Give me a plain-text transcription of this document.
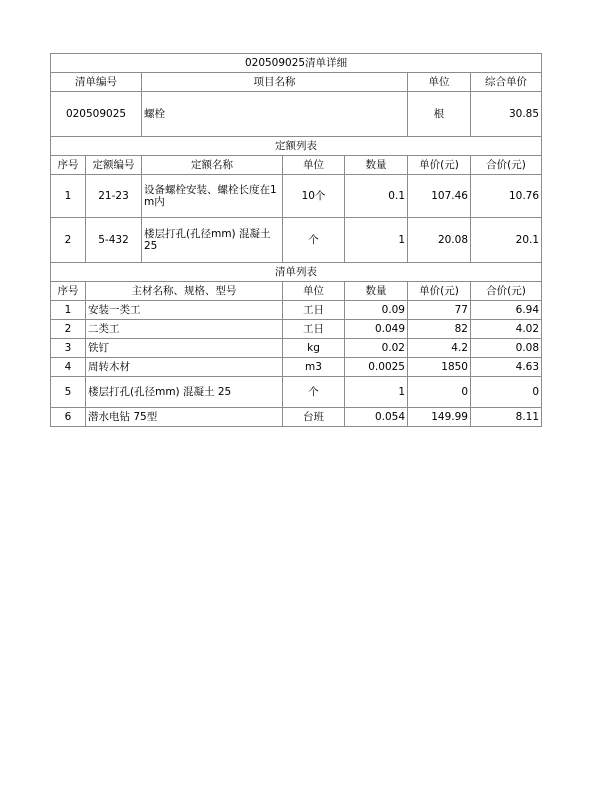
020509025清单详细						
清单编号		项目名称			单位	综合单价
020509025		螺栓			根	30.85
定额列表						
序号	定额编号	定额名称	单位	数量	单价(元)	合价(元)
1	21-23	设备螺栓安装、螺栓长度在1m内	10个	0.1	107.46	10.76
2	5-432	楼层打孔(孔径mm) 混凝土 25	个	1	20.08	20.1
清单列表						
序号	主材名称、规格、型号		单位	数量	单价(元)	合价(元)
1	安装一类工		工日	0.09	77	6.94
2	二类工		工日	0.049	82	4.02
3	铁钉		kg	0.02	4.2	0.08
4	周转木材		m3	0.0025	1850	4.63
5	楼层打孔(孔径mm) 混凝土 25		个	1	0	0
6	潜水电钻 75型		台班	0.054	149.99	8.11
